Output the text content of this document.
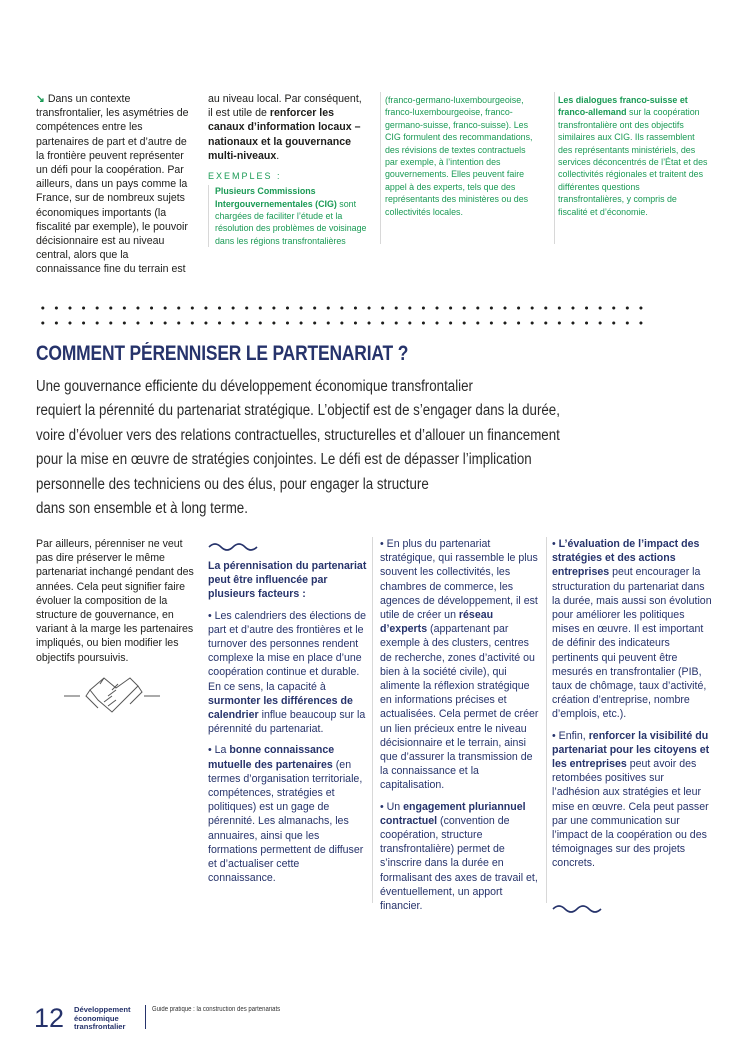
↘ Dans un contexte transfrontalier, les asymétries de compétences entre les partenaires de part et d’autre de la frontière peuvent représenter un défi pour la coopération. Par ailleurs, dans un pays comme la France, sur de nombreux sujets économiques importants (la fiscalité par exemple), le pouvoir décisionnaire est au niveau central, alors que la connaissance fine du terrain est

au niveau local. Par conséquent, il est utile de renforcer les canaux d’information locaux – nationaux et la gouvernance multi-niveaux.

EXEMPLES :
Plusieurs Commissions Intergouvernementales (CIG) sont chargées de faciliter l’étude et la résolution des problèmes de voisinage dans les régions transfrontalières

(franco-germano-luxembourgeoise, franco-luxembourgeoise, franco-germano-suisse, franco-suisse). Les CIG formulent des recommandations, des révisions de textes contractuels par exemple, à l’intention des gouvernements. Elles peuvent faire appel à des experts, tels que des représentants des ministères ou des collectivités locales.

Les dialogues franco-suisse et franco-allemand sur la coopération transfrontalière ont des objectifs similaires aux CIG. Ils rassemblent des représentants ministériels, des services déconcentrés de l’État et des collectivités régionales et traitent des différentes questions transfrontalières, y compris de fiscalité et d’économie.

COMMENT PÉRENNISER LE PARTENARIAT ?
Une gouvernance efficiente du développement économique transfrontalier
requiert la pérennité du partenariat stratégique. L’objectif est de s’engager dans la durée,
voire d’évoluer vers des relations contractuelles, structurelles et d’allouer un financement
pour la mise en œuvre de stratégies conjointes. Le défi est de dépasser l’implication
personnelle des techniciens ou des élus, pour engager la structure
dans son ensemble et à long terme.

Par ailleurs, pérenniser ne veut pas dire préserver le même partenariat inchangé pendant des années. Cela peut signifier faire évoluer la composition de la structure de gouvernance, en variant à la marge les partenaires impliqués, ou bien modifier les objectifs poursuivis.

La pérennisation du partenariat peut être influencée par plusieurs facteurs :

• Les calendriers des élections de part et d’autre des frontières et le turnover des personnes rendent complexe la mise en place d’une coopération continue et durable. En ce sens, la capacité à surmonter les différences de calendrier influe beaucoup sur la pérennité du partenariat.

• La bonne connaissance mutuelle des partenaires (en termes d’organisation territoriale, compétences, stratégies et politiques) est un gage de pérennité. Les almanachs, les annuaires, ainsi que les formations permettent de diffuser et d’actualiser cette connaissance.

• En plus du partenariat stratégique, qui rassemble le plus souvent les collectivités, les chambres de commerce, les agences de développement, il est utile de créer un réseau d’experts (appartenant par exemple à des clusters, centres de recherche, zones d’activité ou bien à la société civile), qui alimente la réflexion stratégique en informations précises et actualisées. Cela permet de créer un lien précieux entre le niveau décisionnaire et le terrain, ainsi que d’assurer la transmission de la connaissance et la capitalisation.

• Un engagement pluriannuel contractuel (convention de coopération, structure transfrontalière) permet de s’inscrire dans la durée en formalisant des axes de travail et, éventuellement, un apport financier.

• L’évaluation de l’impact des stratégies et des actions entreprises peut encourager la structuration du partenariat dans la durée, mais aussi son évolution pour améliorer les politiques mises en œuvre. Il est important de définir des indicateurs pertinents qui peuvent être mesurés en transfrontalier (PIB, taux de chômage, taux d’activité, création d’entreprise, nombre d’emplois, etc.).

• Enfin, renforcer la visibilité du partenariat pour les citoyens et les entreprises peut avoir des retombées positives sur l’adhésion aux stratégies et leur mise en œuvre. Cela peut passer par une communication sur l’impact de la coopération ou des témoignages sur des projets concrets.

12 Développement
économique
transfrontalier
Guide pratique : la construction des partenariats
